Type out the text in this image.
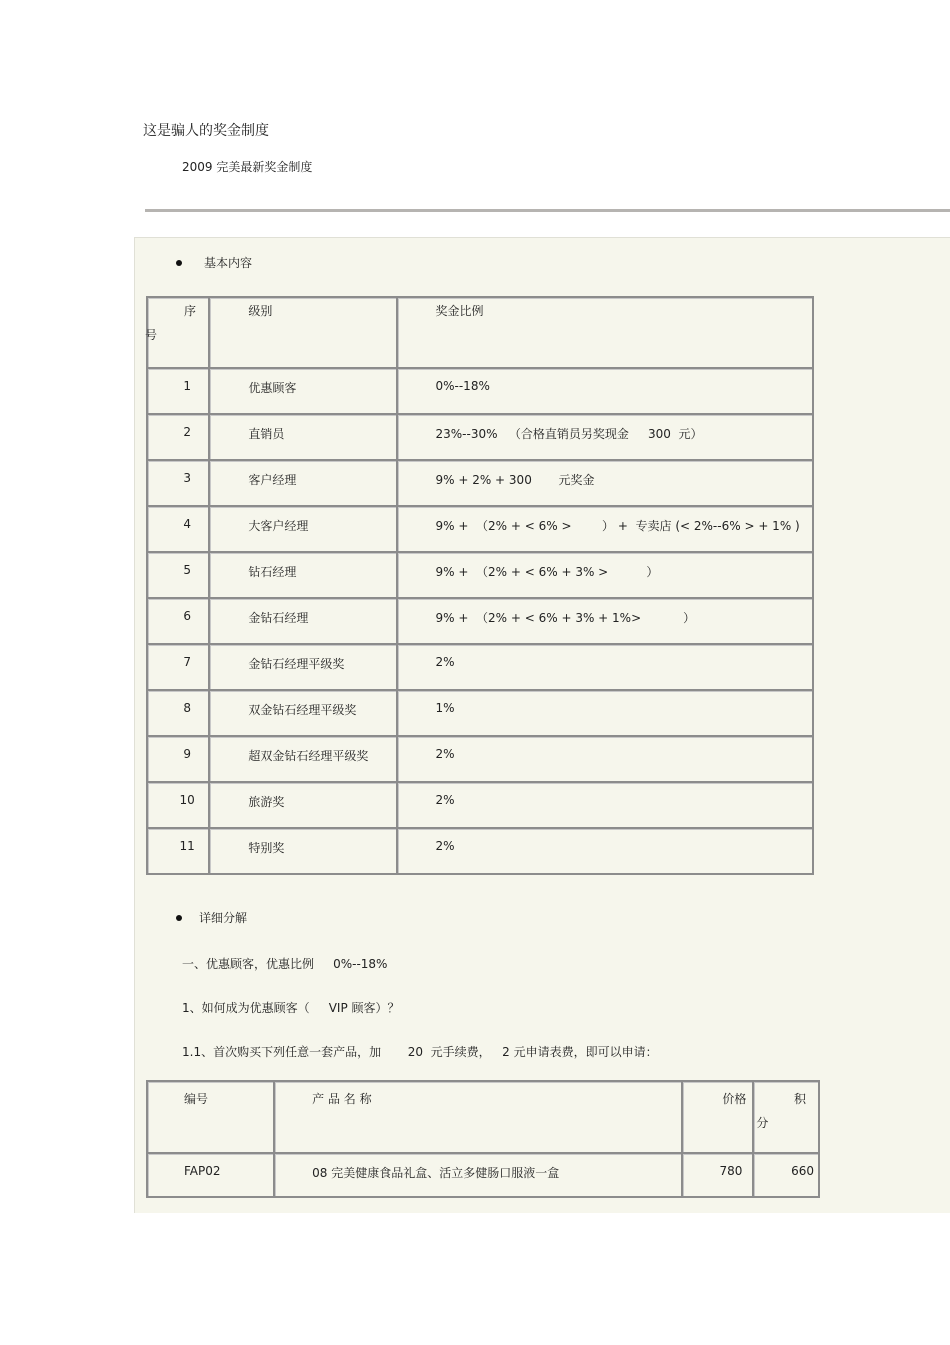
这是骗人的奖金制度
2009 完美最新奖金制度
基本内容
序
号	级别	奖金比例

1	优惠顾客	0%--18%

2	直销员	23%--30%   （合格直销员另奖现金     300  元）

3	客户经理	9% + 2% + 300       元奖金

4	大客户经理	9% +  （2% + < 6% >        ） +  专卖店 (< 2%--6% > + 1% )

5	钻石经理	9% +  （2% + < 6% + 3% >          ）

6	金钻石经理	9% +  （2% + < 6% + 3% + 1%>           ）

7	金钻石经理平级奖	2%

8	双金钻石经理平级奖	1%

9	超双金钻石经理平级奖	2%

10	旅游奖	2%

11	特别奖	2%
详细分解
一、优惠顾客，优惠比例     0%--18%
1、如何成为优惠顾客（     VIP 顾客）？
1.1、首次购买下列任意一套产品，加       20  元手续费，   2 元申请表费，即可以申请：
编号	产 品 名 称	价格	积
分

FAP02	08 完美健康食品礼盒、活立多健肠口服液一盒	780	660
